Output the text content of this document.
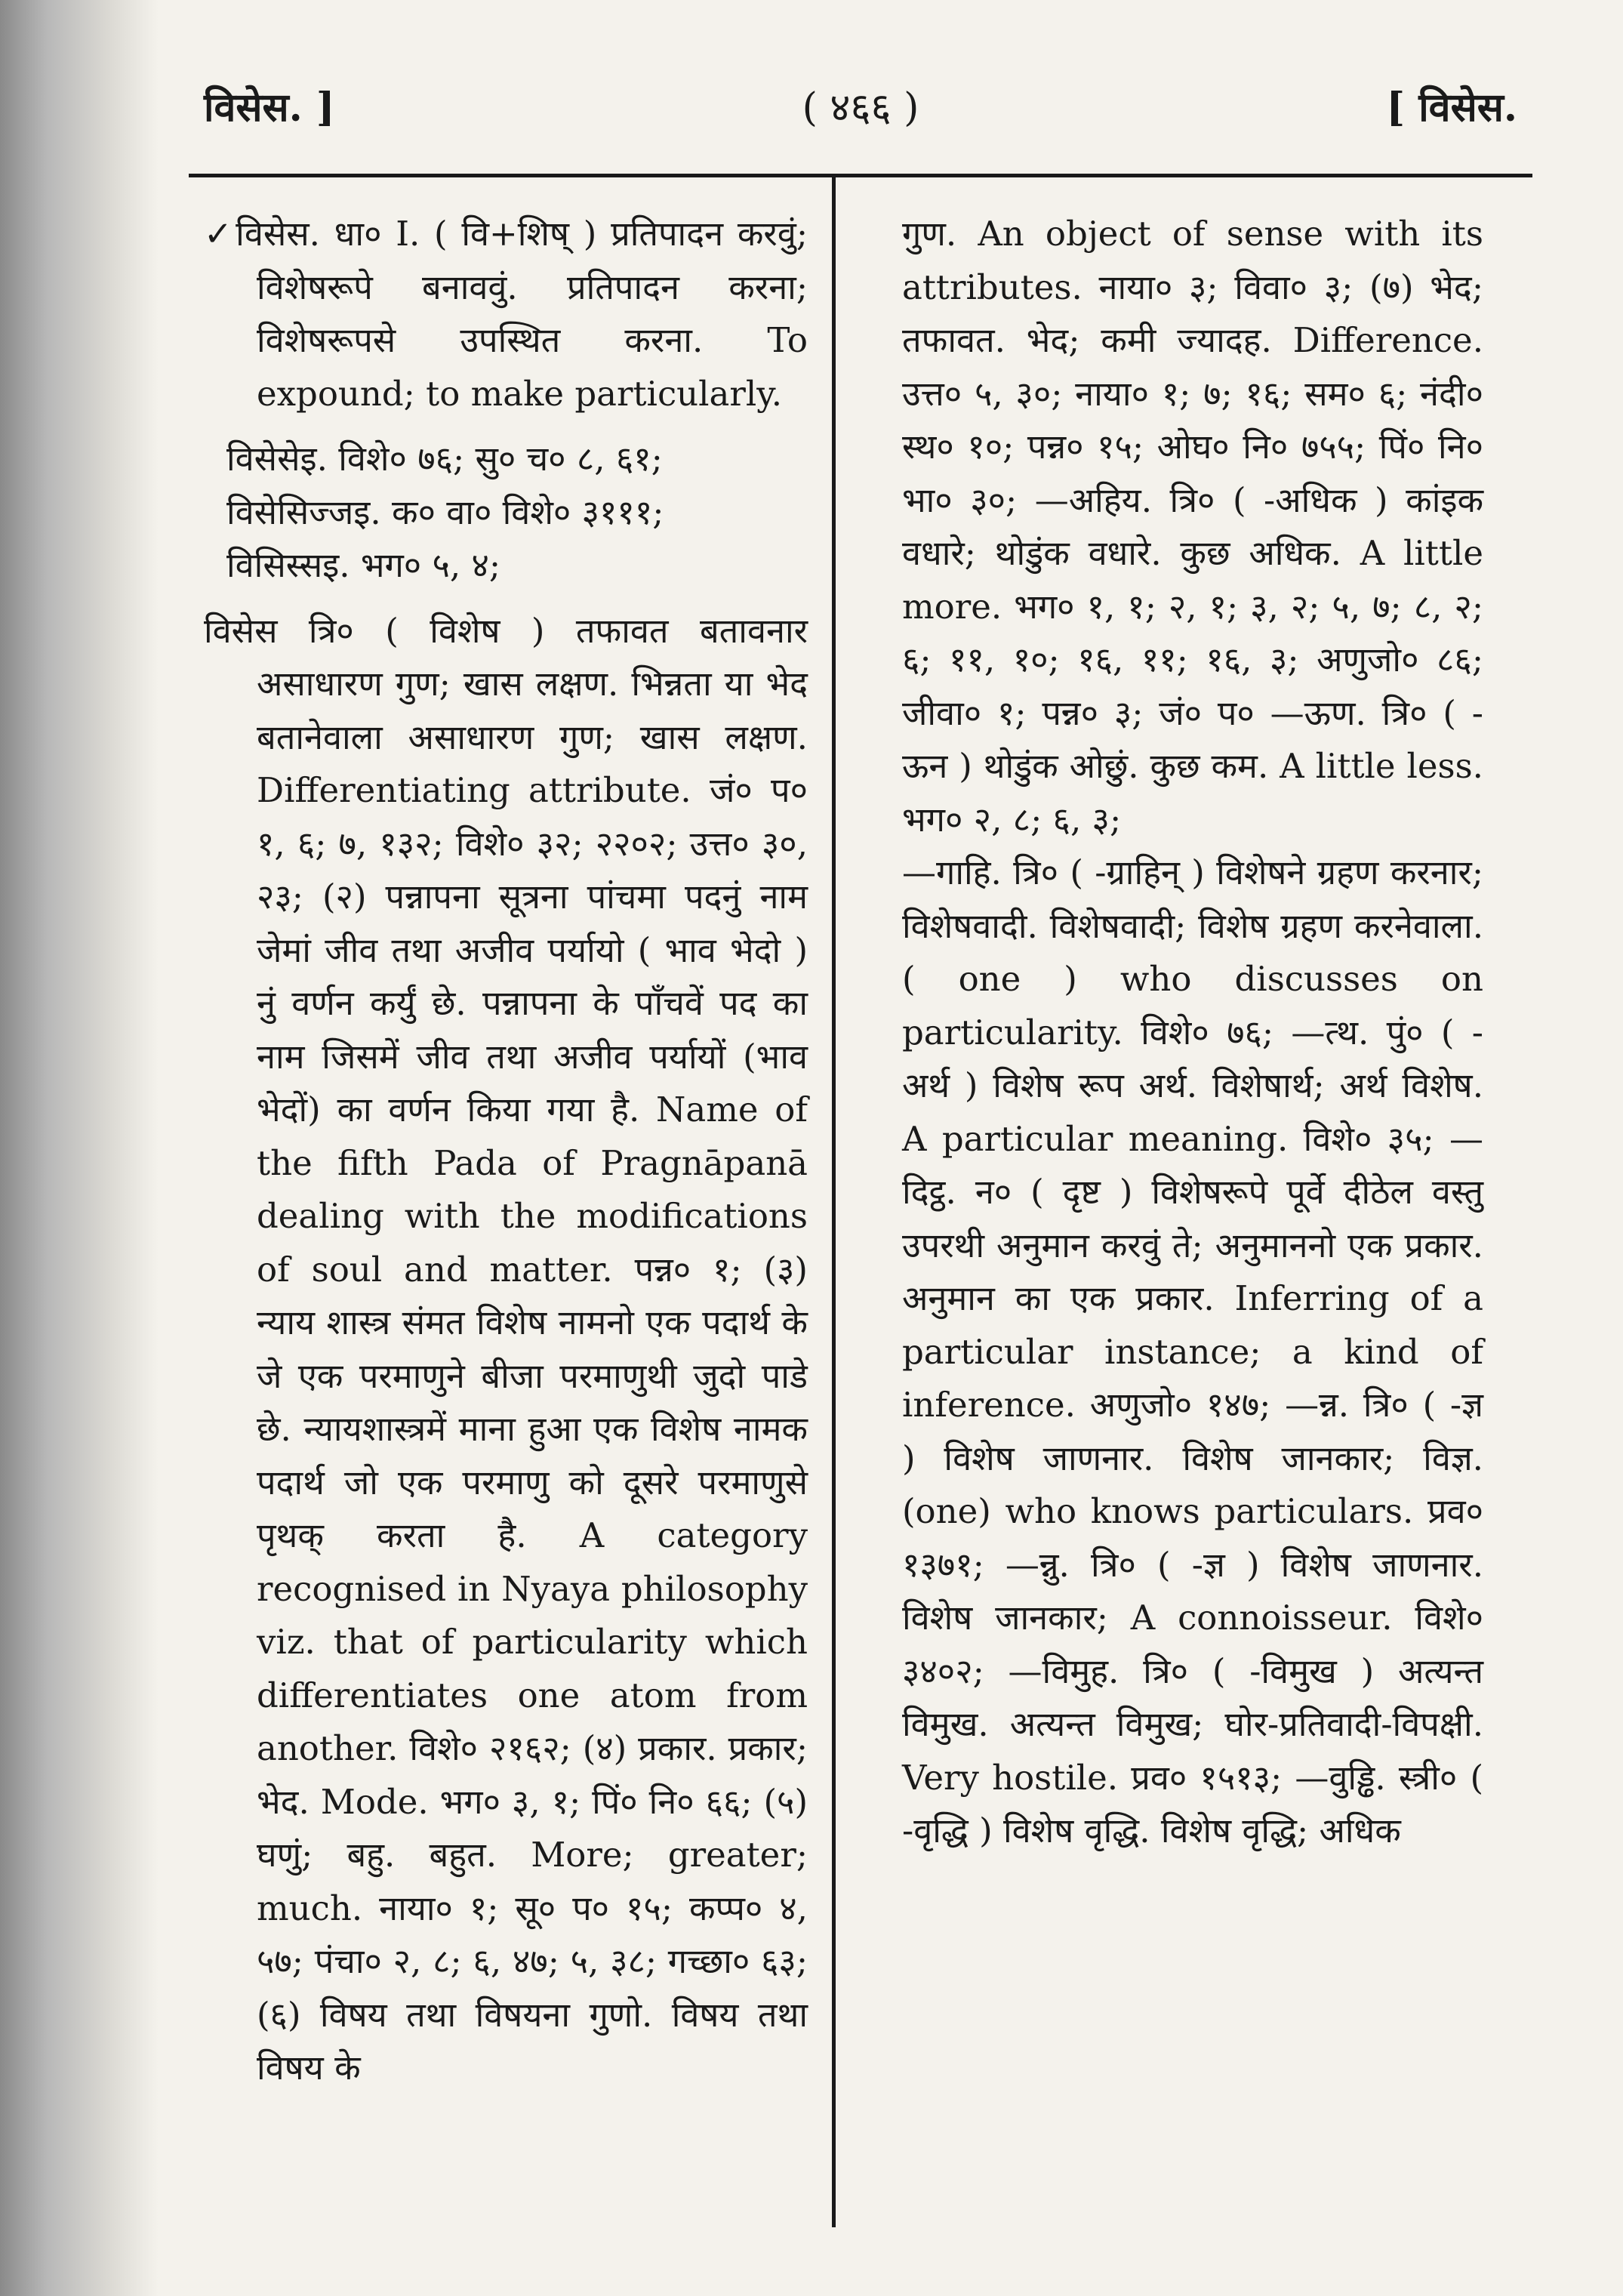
विसेस. ]	( ४६६ )	[ विसेस.

✓विसेस. धा० I. ( वि+शिष् ) प्रतिपादन करवुं; विशेषरूपे बनाववुं. प्रतिपादन करना; विशेषरूपसे उपस्थित करना. To expound; to make particularly.

विसेसेइ. विशे० ७६; सु० च० ८, ६१;

विसेसिज्जइ. क० वा० विशे० ३१११;

विसिस्सइ. भग० ५, ४;

विसेस त्रि० ( विशेष ) तफावत बतावनार असाधारण गुण; खास लक्षण. भिन्नता या भेद बतानेवाला असाधारण गुण; खास लक्षण. Differentiating attribute. जं० प० १, ६; ७, १३२; विशे० ३२; २२०२; उत्त० ३०, २३; (२) पन्नापना सूत्रना पांचमा पदनुं नाम जेमां जीव तथा अजीव पर्यायो ( भाव भेदो ) नुं वर्णन कर्युं छे. पन्नापना के पाँचवें पद का नाम जिसमें जीव तथा अजीव पर्यायों (भाव भेदों) का वर्णन किया गया है. Name of the fifth Pada of Pragnāpanā dealing with the modifications of soul and matter. पन्न० १; (३) न्याय शास्त्र संमत विशेष नामनो एक पदार्थ के जे एक परमाणुने बीजा परमाणुथी जुदो पाडे छे. न्यायशास्त्रमें माना हुआ एक विशेष नामक पदार्थ जो एक परमाणु को दूसरे परमाणुसे पृथक् करता है. A category recognised in Nyaya philosophy viz. that of particularity which differentiates one atom from another. विशे० २१६२; (४) प्रकार. प्रकार; भेद. Mode. भग० ३, १; पिं० नि० ६६; (५) घणुं; बहु. बहुत. More; greater; much. नाया० १; सू० प० १५; कप्प० ४, ५७; पंचा० २, ८; ६, ४७; ५, ३८; गच्छा० ६३; (६) विषय तथा विषयना गुणो. विषय तथा विषय के

गुण. An object of sense with its attributes. नाया० ३; विवा० ३; (७) भेद; तफावत. भेद; कमी ज्यादह. Difference. उत्त० ५, ३०; नाया० १; ७; १६; सम० ६; नंदी० स्थ० १०; पन्न० १५; ओघ० नि० ७५५; पिं० नि० भा० ३०; —अहिय. त्रि० ( -अधिक ) कांइक वधारे; थोडुंक वधारे. कुछ अधिक. A little more. भग० १, १; २, १; ३, २; ५, ७; ८, २; ६; ११, १०; १६, ११; १६, ३; अणुजो० ८६; जीवा० १; पन्न० ३; जं० प० —ऊण. त्रि० ( -ऊन ) थोडुंक ओछुं. कुछ कम. A little less. भग० २, ८; ६, ३;

—गाहि. त्रि० ( -ग्राहिन् ) विशेषने ग्रहण करनार; विशेषवादी. विशेषवादी; विशेष ग्रहण करनेवाला. ( one ) who discusses on particularity. विशे० ७६; —त्थ. पुं० ( -अर्थ ) विशेष रूप अर्थ. विशेषार्थ; अर्थ विशेष. A particular meaning. विशे० ३५; —दिट्ठ. न० ( दृष्ट ) विशेषरूपे पूर्वे दीठेल वस्तु उपरथी अनुमान करवुं ते; अनुमाननो एक प्रकार. अनुमान का एक प्रकार. Inferring of a particular instance; a kind of inference. अणुजो० १४७; —न्न. त्रि० ( -ज्ञ ) विशेष जाणनार. विशेष जानकार; विज्ञ. (one) who knows particulars. प्रव० १३७१; —न्नु. त्रि० ( -ज्ञ ) विशेष जाणनार. विशेष जानकार; A connoisseur. विशे० ३४०२; —विमुह. त्रि० ( -विमुख ) अत्यन्त विमुख. अत्यन्त विमुख; घोर-प्रतिवादी-विपक्षी. Very hostile. प्रव० १५१३; —वुड्ढि. स्त्री० ( -वृद्धि ) विशेष वृद्धि. विशेष वृद्धि; अधिक
